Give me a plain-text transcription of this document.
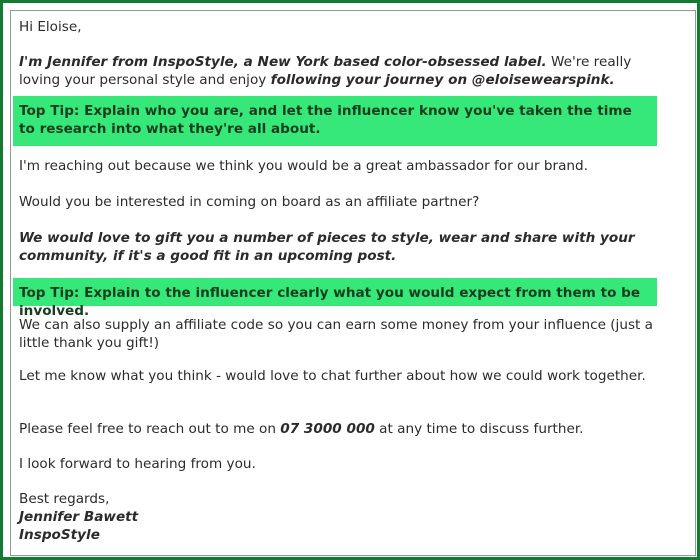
Hi Eloise,

I'm Jennifer from InspoStyle, a New York based color-obsessed label. We're really loving your personal style and enjoy following your journey on @eloisewearspink.

Top Tip: Explain who you are, and let the influencer know you've taken the time to research into what they're all about.

I'm reaching out because we think you would be a great ambassador for our brand.

Would you be interested in coming on board as an affiliate partner?

We would love to gift you a number of pieces to style, wear and share with your community, if it's a good fit in an upcoming post.

Top Tip: Explain to the influencer clearly what you would expect from them to be involved.

We can also supply an affiliate code so you can earn some money from your influence (just a little thank you gift!)

Let me know what you think - would love to chat further about how we could work together.

Please feel free to reach out to me on 07 3000 000 at any time to discuss further.

I look forward to hearing from you.

Best regards,

Jennifer Bawett

InspoStyle
